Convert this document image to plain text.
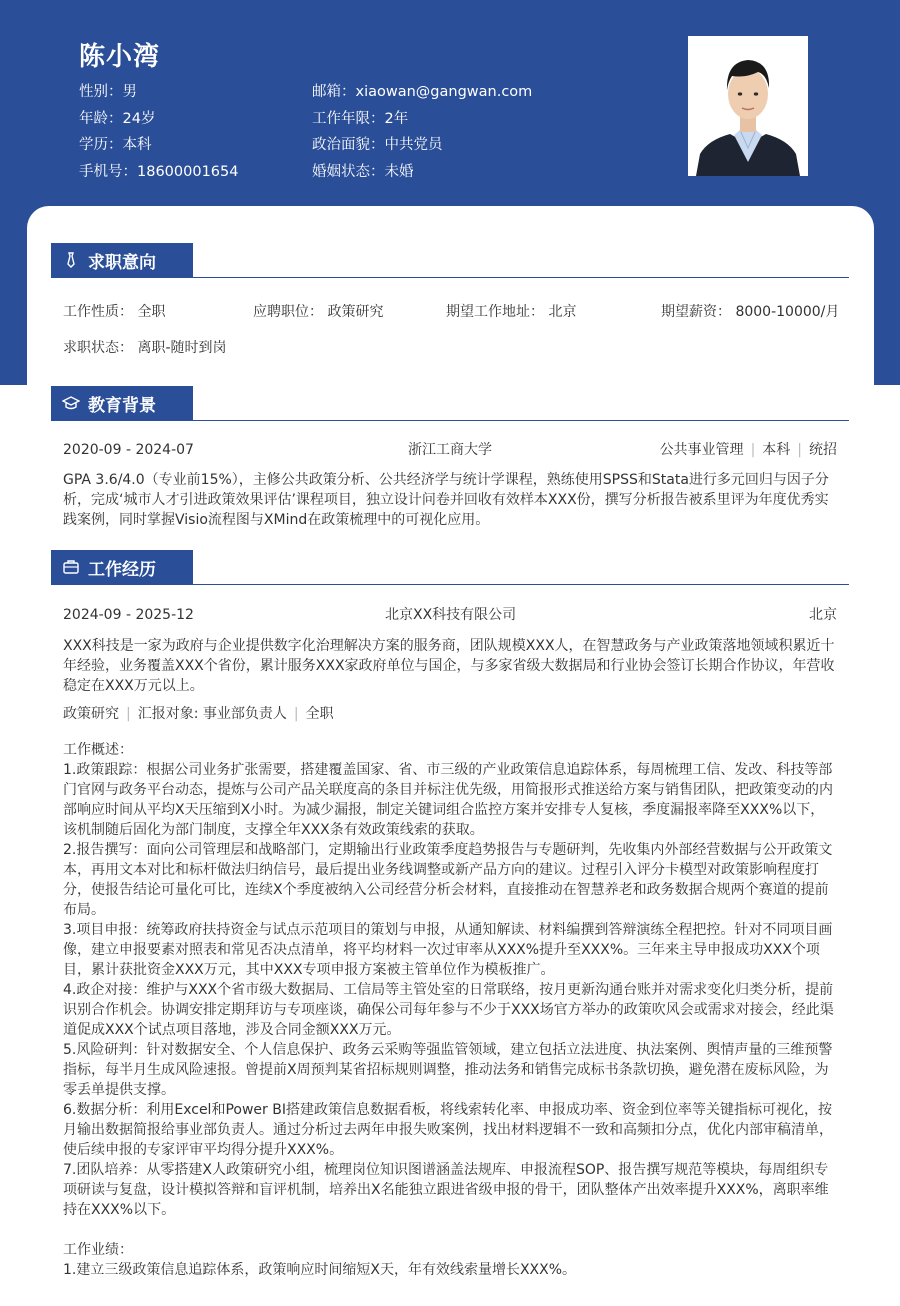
陈小湾
性别：男
年龄：24岁
学历：本科
手机号：18600001654
邮箱：xiaowan@gangwan.com
工作年限：2年
政治面貌：中共党员
婚姻状态：未婚
求职意向
工作性质： 全职	应聘职位： 政策研究	期望工作地址： 北京	期望薪资： 8000-10000/月
求职状态： 离职-随时到岗
教育背景
2020-09 - 2024-07	浙江工商大学	公共事业管理 | 本科 | 统招
GPA 3.6/4.0（专业前15%），主修公共政策分析、公共经济学与统计学课程，熟练使用SPSS和Stata进行多元回归与因子分析，完成‘城市人才引进政策效果评估’课程项目，独立设计问卷并回收有效样本XXX份，撰写分析报告被系里评为年度优秀实践案例，同时掌握Visio流程图与XMind在政策梳理中的可视化应用。
工作经历
2024-09 - 2025-12	北京XX科技有限公司	北京
XXX科技是一家为政府与企业提供数字化治理解决方案的服务商，团队规模XXX人，在智慧政务与产业政策落地领域积累近十年经验，业务覆盖XXX个省份，累计服务XXX家政府单位与国企，与多家省级大数据局和行业协会签订长期合作协议，年营收稳定在XXX万元以上。
政策研究 | 汇报对象: 事业部负责人 | 全职

工作概述：

1.政策跟踪：根据公司业务扩张需要，搭建覆盖国家、省、市三级的产业政策信息追踪体系，每周梳理工信、发改、科技等部门官网与政务平台动态，提炼与公司产品关联度高的条目并标注优先级，用简报形式推送给方案与销售团队，把政策变动的内部响应时间从平均X天压缩到X小时。为减少漏报，制定关键词组合监控方案并安排专人复核，季度漏报率降至XXX%以下，该机制随后固化为部门制度，支撑全年XXX条有效政策线索的获取。

2.报告撰写：面向公司管理层和战略部门，定期输出行业政策季度趋势报告与专题研判，先收集内外部经营数据与公开政策文本，再用文本对比和标杆做法归纳信号，最后提出业务线调整或新产品方向的建议。过程引入评分卡模型对政策影响程度打分，使报告结论可量化可比，连续X个季度被纳入公司经营分析会材料，直接推动在智慧养老和政务数据合规两个赛道的提前布局。

3.项目申报：统筹政府扶持资金与试点示范项目的策划与申报，从通知解读、材料编撰到答辩演练全程把控。针对不同项目画像，建立申报要素对照表和常见否决点清单，将平均材料一次过审率从XXX%提升至XXX%。三年来主导申报成功XXX个项目，累计获批资金XXX万元，其中XXX专项申报方案被主管单位作为模板推广。

4.政企对接：维护与XXX个省市级大数据局、工信局等主管处室的日常联络，按月更新沟通台账并对需求变化归类分析，提前识别合作机会。协调安排定期拜访与专项座谈，确保公司每年参与不少于XXX场官方举办的政策吹风会或需求对接会，经此渠道促成XXX个试点项目落地，涉及合同金额XXX万元。

5.风险研判：针对数据安全、个人信息保护、政务云采购等强监管领域，建立包括立法进度、执法案例、舆情声量的三维预警指标，每半月生成风险速报。曾提前X周预判某省招标规则调整，推动法务和销售完成标书条款切换，避免潜在废标风险，为零丢单提供支撑。

6.数据分析：利用Excel和Power BI搭建政策信息数据看板，将线索转化率、申报成功率、资金到位率等关键指标可视化，按月输出数据简报给事业部负责人。通过分析过去两年申报失败案例，找出材料逻辑不一致和高频扣分点，优化内部审稿清单，使后续申报的专家评审平均得分提升XXX%。

7.团队培养：从零搭建X人政策研究小组，梳理岗位知识图谱涵盖法规库、申报流程SOP、报告撰写规范等模块，每周组织专项研读与复盘，设计模拟答辩和盲评机制，培养出X名能独立跟进省级申报的骨干，团队整体产出效率提升XXX%，离职率维持在XXX%以下。

工作业绩：

1.建立三级政策信息追踪体系，政策响应时间缩短X天，年有效线索量增长XXX%。
